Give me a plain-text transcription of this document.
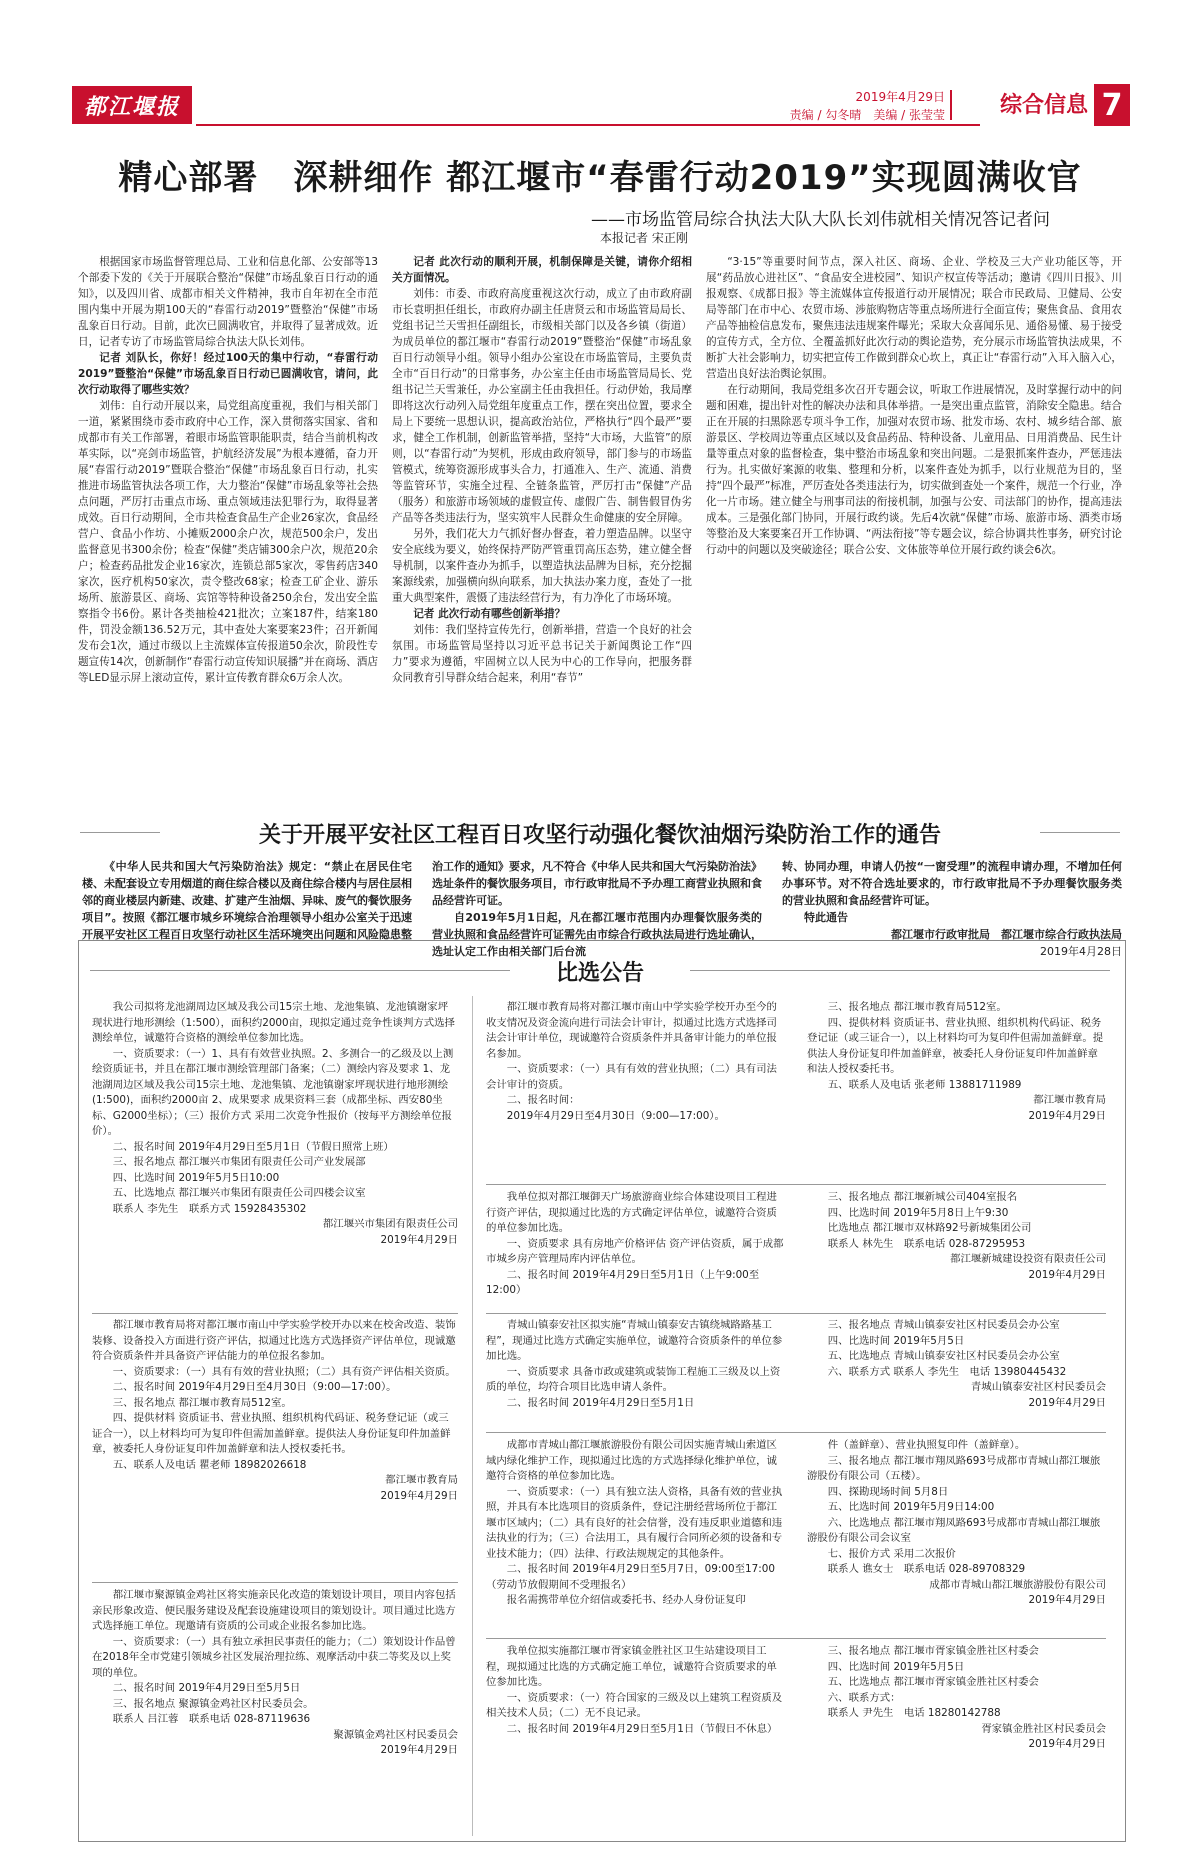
都江堰报	2019年4月29日
责编 / 勾冬晴　美编 / 张莹莹 综合信息 7
精心部署　深耕细作 都江堰市“春雷行动2019”实现圆满收官
——市场监管局综合执法大队大队长刘伟就相关情况答记者问
本报记者 宋正刚

根据国家市场监督管理总局、工业和信息化部、公安部等13个部委下发的《关于开展联合整治“保健”市场乱象百日行动的通知》，以及四川省、成都市相关文件精神，我市自年初在全市范围内集中开展为期100天的“春雷行动2019”暨整治“保健”市场乱象百日行动。目前，此次已圆满收官，并取得了显著成效。近日，记者专访了市场监管局综合执法大队长刘伟。

记者 刘队长，你好！经过100天的集中行动，“春雷行动2019”暨整治“保健”市场乱象百日行动已圆满收官，请问，此次行动取得了哪些实效？

刘伟：自行动开展以来，局党组高度重视，我们与相关部门一道，紧紧围绕市委市政府中心工作，深入贯彻落实国家、省和成都市有关工作部署，着眼市场监管职能职责，结合当前机构改革实际，以“亮剑市场监管，护航经济发展”为根本遵循，奋力开展“春雷行动2019”暨联合整治“保健”市场乱象百日行动，扎实推进市场监管执法各项工作，大力整治“保健”市场乱象等社会热点问题，严厉打击重点市场、重点领域违法犯罪行为，取得显著成效。百日行动期间，全市共检查食品生产企业26家次，食品经营户、食品小作坊、小摊贩2000余户次，规范500余户，发出监督意见书300余份；检查“保健”类店铺300余户次，规范20余户；检查药品批发企业16家次，连锁总部5家次，零售药店340家次，医疗机构50家次，责令整改68家；检查工矿企业、游乐场所、旅游景区、商场、宾馆等特种设备250余台，发出安全监察指令书6份。累计各类抽检421批次；立案187件，结案180件，罚没金额136.52万元，其中查处大案要案23件；召开新闻发布会1次，通过市级以上主流媒体宣传报道50余次，阶段性专题宣传14次，创新制作“春雷行动宣传知识展播”并在商场、酒店等LED显示屏上滚动宣传，累计宣传教育群众6万余人次。

记者 此次行动的顺利开展，机制保障是关键，请你介绍相关方面情况。

刘伟：市委、市政府高度重视这次行动，成立了由市政府副市长袁明担任组长，市政府办副主任唐贤云和市场监管局局长、党组书记兰天雪担任副组长，市级相关部门以及各乡镇（街道）为成员单位的都江堰市“春雷行动2019”暨整治“保健”市场乱象百日行动领导小组。领导小组办公室设在市场监管局，主要负责全市“百日行动”的日常事务，办公室主任由市场监管局局长、党组书记兰天雪兼任，办公室副主任由我担任。行动伊始，我局摩即将这次行动列入局党组年度重点工作，摆在突出位置，要求全局上下要统一思想认识，提高政治站位，严格执行“四个最严”要求，健全工作机制，创新监管举措，坚持“大市场，大监管”的原则，以“春雷行动”为契机，形成由政府领导，部门参与的市场监管模式，统筹资源形成事头合力，打通准入、生产、流通、消费等监管环节，实施全过程、全链条监管，严厉打击“保健”产品（服务）和旅游市场领域的虚假宣传、虚假广告、制售假冒伪劣产品等各类违法行为，坚实筑牢人民群众生命健康的安全屏障。

另外，我们花大力气抓好督办督查，着力塑造品牌。以坚守安全底线为要义，始终保持严防严管重罚高压态势，建立健全督导机制，以案件查办为抓手，以塑造执法品牌为目标，充分挖掘案源线索，加强横向纵向联系，加大执法办案力度，查处了一批重大典型案件，震慑了违法经营行为，有力净化了市场环境。

记者 此次行动有哪些创新举措？

刘伟：我们坚持宣传先行，创新举措，营造一个良好的社会氛围。市场监管局坚持以习近平总书记关于新闻舆论工作“四力”要求为遵循，牢固树立以人民为中心的工作导向，把服务群众同教育引导群众结合起来，利用“春节”

“3·15”等重要时间节点，深入社区、商场、企业、学校及三大产业功能区等，开展“药品放心进社区”、“食品安全进校园”、知识产权宣传等活动；邀请《四川日报》、川报观察、《成都日报》等主流媒体宣传报道行动开展情况；联合市民政局、卫健局、公安局等部门在市中心、农贸市场、涉旅购物店等重点场所进行全面宣传；聚焦食品、食用农产品等抽检信息发布，聚焦违法违规案件曝光；采取大众喜闻乐见、通俗易懂、易于接受的宣传方式，全方位、全覆盖抓好此次行动的舆论造势，充分展示市场监管执法成果，不断扩大社会影响力，切实把宣传工作做到群众心坎上，真正让“春雷行动”入耳入脑入心，营造出良好法治舆论氛围。

在行动期间，我局党组多次召开专题会议，听取工作进展情况，及时掌握行动中的问题和困难，提出针对性的解决办法和具体举措。一是突出重点监管，消除安全隐患。结合正在开展的扫黑除恶专项斗争工作，加强对农贸市场、批发市场、农村、城乡结合部、旅游景区、学校周边等重点区域以及食品药品、特种设备、儿童用品、日用消费品、民生计量等重点对象的监督检查，集中整治市场乱象和突出问题。二是狠抓案件查办，严惩违法行为。扎实做好案源的收集、整理和分析，以案件查处为抓手，以行业规范为目的，坚持“四个最严”标准，严厉查处各类违法行为，切实做到查处一个案件，规范一个行业，净化一片市场。建立健全与刑事司法的衔接机制，加强与公安、司法部门的协作，提高违法成本。三是强化部门协同，开展行政约谈。先后4次就“保健”市场、旅游市场、酒类市场等整治及大案要案召开工作协调、“两法衔接”等专题会议，综合协调共性事务，研究讨论行动中的问题以及突破途径；联合公安、文体旅等单位开展行政约谈会6次。

关于开展平安社区工程百日攻坚行动强化餐饮油烟污染防治工作的通告

《中华人民共和国大气污染防治法》规定：“禁止在居民住宅楼、未配套设立专用烟道的商住综合楼以及商住综合楼内与居住层相邻的商业楼层内新建、改建、扩建产生油烟、异味、废气的餐饮服务项目”。按照《都江堰市城乡环境综合治理领导小组办公室关于迅速开展平安社区工程百日攻坚行动社区生活环境突出问题和风险隐患整

治工作的通知》要求，凡不符合《中华人民共和国大气污染防治法》选址条件的餐饮服务项目，市行政审批局不予办理工商营业执照和食品经营许可证。

自2019年5月1日起，凡在都江堰市范围内办理餐饮服务类的营业执照和食品经营许可证需先由市综合行政执法局进行选址确认，选址认定工作由相关部门后台流

转、协同办理，申请人仍按“一窗受理”的流程申请办理，不增加任何办事环节。对不符合选址要求的，市行政审批局不予办理餐饮服务类的营业执照和食品经营许可证。

特此通告

都江堰市行政审批局　都江堰市综合行政执法局
2019年4月28日
比选公告

我公司拟将龙池湖周边区域及我公司15宗土地、龙池集镇、龙池镇谢家坪现状进行地形测绘（1:500），面积约2000亩，现拟定通过竞争性谈判方式选择测绘单位，诚邀符合资格的测绘单位参加比选。

一、资质要求：（一）1、具有有效营业执照。2、多测合一的乙级及以上测绘资质证书，并且在都江堰市测绘管理部门备案；（二）测绘内容及要求 1、龙池湖周边区域及我公司15宗土地、龙池集镇、龙池镇谢家坪现状进行地形测绘(1:500)，面积约2000亩 2、成果要求 成果资料三套（成都坐标、西安80坐标、G2000坐标）；（三）报价方式 采用二次竞争性报价（按每平方测绘单位报价）。

二、报名时间 2019年4月29日至5月1日（节假日照常上班）

三、报名地点 都江堰兴市集团有限责任公司产业发展部

四、比选时间 2019年5月5日10:00

五、比选地点 都江堰兴市集团有限责任公司四楼会议室

联系人 李先生　联系方式 15928435302

都江堰兴市集团有限责任公司
2019年4月29日

都江堰市教育局将对都江堰市南山中学实验学校开办以来在校舍改造、装饰装修、设备投入方面进行资产评估，拟通过比选方式选择资产评估单位，现诚邀符合资质条件并具备资产评估能力的单位报名参加。

一、资质要求：（一）具有有效的营业执照；（二）具有资产评估相关资质。

二、报名时间 2019年4月29日至4月30日（9:00—17:00）。

三、报名地点 都江堰市教育局512室。

四、提供材料 资质证书、营业执照、组织机构代码证、税务登记证（或三证合一），以上材料均可为复印件但需加盖鲜章。提供法人身份证复印件加盖鲜章，被委托人身份证复印件加盖鲜章和法人授权委托书。

五、联系人及电话 瞿老师 18982026618

都江堰市教育局
2019年4月29日

都江堰市聚源镇金鸡社区将实施亲民化改造的策划设计项目，项目内容包括 亲民形象改造、便民服务建设及配套设施建设项目的策划设计。项目通过比选方式选择施工单位。现邀请有资质的公司或企业报名参加比选。

一、资质要求：（一）具有独立承担民事责任的能力；（二）策划设计作品曾在2018年全市党建引领城乡社区发展治理拉练、观摩活动中获二等奖及以上奖项的单位。

二、报名时间 2019年4月29日至5月5日

三、报名地点 聚源镇金鸡社区村民委员会。

联系人 吕江蓉　联系电话 028-87119636

聚源镇金鸡社区村民委员会
2019年4月29日

都江堰市教育局将对都江堰市南山中学实验学校开办至今的收支情况及资金流向进行司法会计审计，拟通过比选方式选择司法会计审计单位，现诚邀符合资质条件并具备审计能力的单位报名参加。

一、资质要求：（一）具有有效的营业执照；（二）具有司法会计审计的资质。

二、报名时间：

2019年4月29日至4月30日（9:00—17:00）。

三、报名地点 都江堰市教育局512室。

四、提供材料 资质证书、营业执照、组织机构代码证、税务登记证（或三证合一），以上材料均可为复印件但需加盖鲜章。提供法人身份证复印件加盖鲜章，被委托人身份证复印件加盖鲜章和法人授权委托书。

五、联系人及电话 张老师 13881711989

都江堰市教育局
2019年4月29日

我单位拟对都江堰御天广场旅游商业综合体建设项目工程进行资产评估，现拟通过比选的方式确定评估单位，诚邀符合资质的单位参加比选。

一、资质要求 具有房地产价格评估 资产评估资质，属于成都市城乡房产管理局库内评估单位。

二、报名时间 2019年4月29日至5月1日（上午9:00至12:00）

三、报名地点 都江堰新城公司404室报名

四、比选时间 2019年5月8日上午9:30

比选地点 都江堰市双林路92号新城集团公司

联系人 林先生　联系电话 028-87295953

都江堰新城建设投资有限责任公司
2019年4月29日

青城山镇泰安社区拟实施“青城山镇泰安古镇绕城路路基工程”，现通过比选方式确定实施单位，诚邀符合资质条件的单位参加比选。

一、资质要求 具备市政或建筑或装饰工程施工三级及以上资质的单位，均符合项目比选申请人条件。

二、报名时间 2019年4月29日至5月1日

三、报名地点 青城山镇泰安社区村民委员会办公室

四、比选时间 2019年5月5日

五、比选地点 青城山镇泰安社区村民委员会办公室

六、联系方式 联系人 李先生　电话 13980445432

青城山镇泰安社区村民委员会
2019年4月29日

成都市青城山都江堰旅游股份有限公司因实施青城山索道区域内绿化维护工作，现拟通过比选的方式选择绿化维护单位，诚邀符合资格的单位参加比选。

一、资质要求：（一）具有独立法人资格，具备有效的营业执照，并具有本比选项目的资质条件，登记注册经营场所位于都江堰市区域内；（二）具有良好的社会信誉，没有违反职业道德和违法执业的行为；（三）合法用工，具有履行合同所必须的设备和专业技术能力；（四）法律、行政法规规定的其他条件。

二、报名时间 2019年4月29日至5月7日，09:00至17:00（劳动节放假期间不受理报名）

报名需携带单位介绍信或委托书、经办人身份证复印

件（盖鲜章）、营业执照复印件（盖鲜章）。

三、报名地点 都江堰市翔凤路693号成都市青城山都江堰旅游股份有限公司（五楼）。

四、探勘现场时间 5月8日

五、比选时间 2019年5月9日14:00

六、比选地点 都江堰市翔凤路693号成都市青城山都江堰旅游股份有限公司会议室

七、报价方式 采用二次报价

联系人 谯女士　联系电话 028-89708329

成都市青城山都江堰旅游股份有限公司
2019年4月29日

我单位拟实施都江堰市胥家镇金胜社区卫生站建设项目工程，现拟通过比选的方式确定施工单位，诚邀符合资质要求的单位参加比选。

一、资质要求：（一）符合国家的三级及以上建筑工程资质及相关技术人员；（二）无不良记录。

二、报名时间 2019年4月29日至5月1日（节假日不休息）

三、报名地点 都江堰市胥家镇金胜社区村委会

四、比选时间 2019年5月5日

五、比选地点 都江堰市胥家镇金胜社区村委会

六、联系方式：

联系人 尹先生　电话 18280142788

胥家镇金胜社区村民委员会
2019年4月29日
